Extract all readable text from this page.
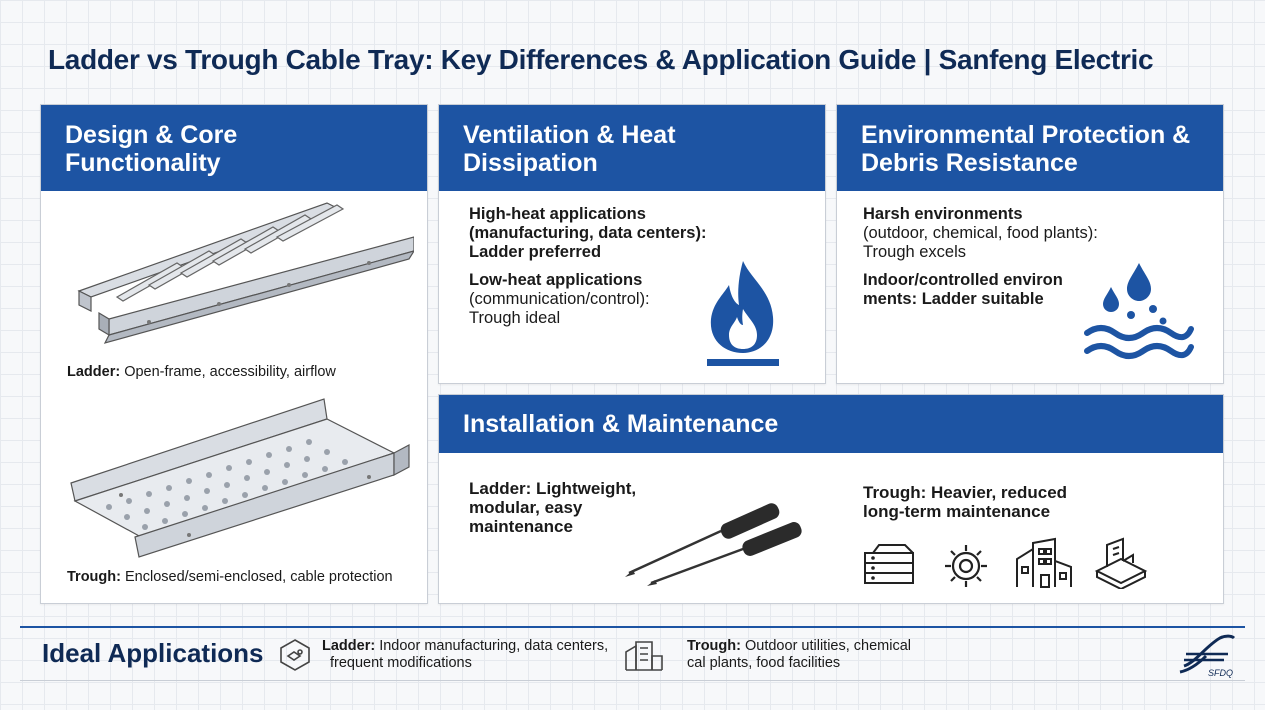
Ladder vs Trough Cable Tray: Key Differences & Application Guide | Sanfeng Electric
Design & Core
Functionality
Ladder: Open-frame, accessibility, airflow
Trough: Enclosed/semi-enclosed, cable protection
Ventilation & Heat
Dissipation
High-heat applications
(manufacturing, data centers):
Ladder preferred
Low-heat applications
(communication/control):
Trough ideal
Environmental Protection &
Debris Resistance
Harsh environments
(outdoor, chemical, food plants):
Trough excels
Indoor/controlled environ
ments: Ladder suitable
Installation & Maintenance
Ladder: Lightweight,
modular, easy
maintenance
Trough: Heavier, reduced
long-term maintenance
Ideal Applications	Ladder: Indoor manufacturing, data centers,
frequent modifications
Trough: Outdoor utilities, chemical
cal plants, food facilities
SFDQ
